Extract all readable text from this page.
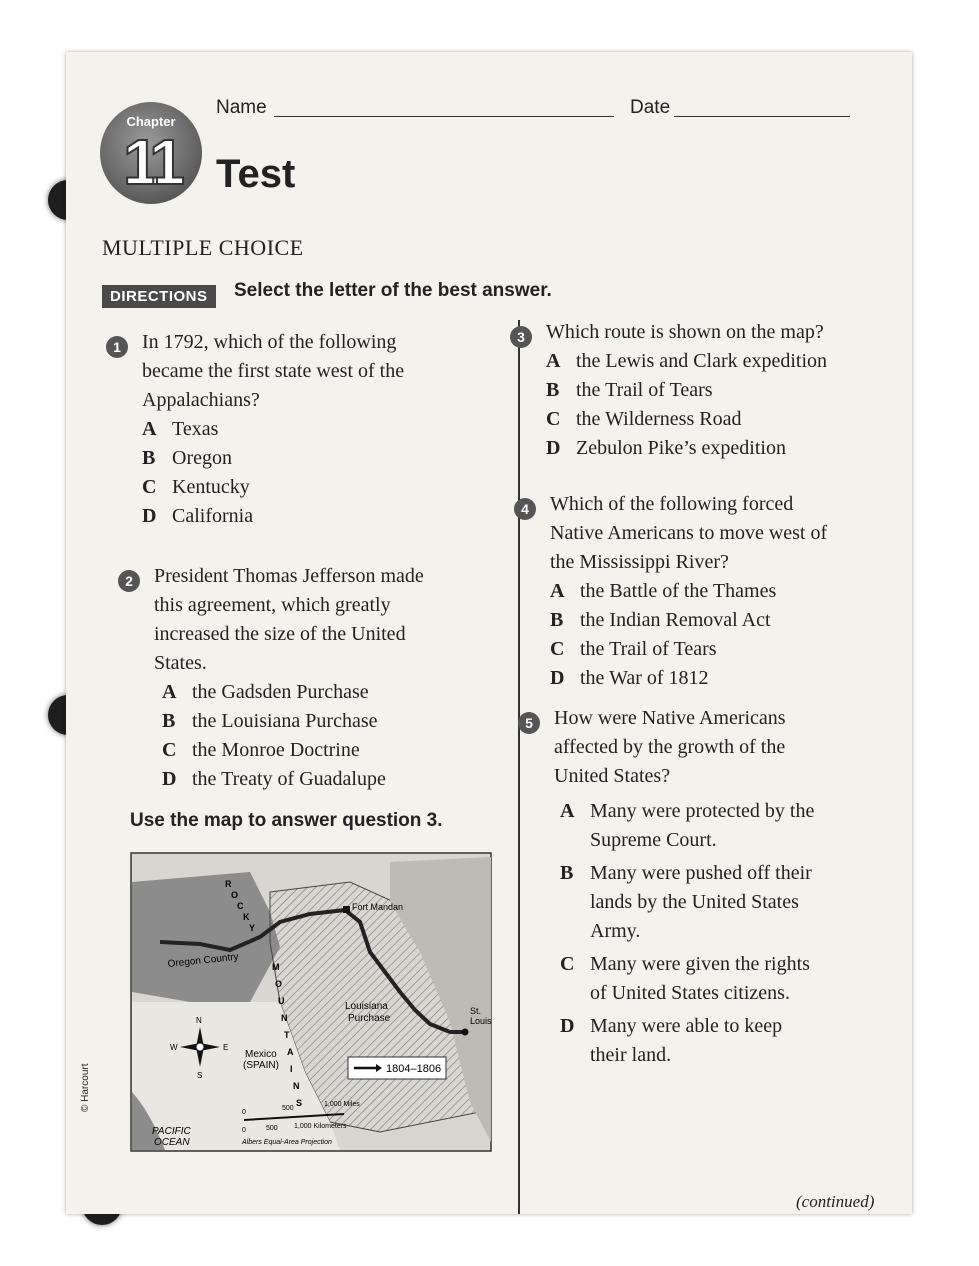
Name	Date
Chapter
11 Test
MULTIPLE CHOICE
DIRECTIONS	Select the letter of the best answer.
1	In 1792, which of the following
became the first state west of the
Appalachians?
A Texas
B Oregon
C Kentucky
D California
2	President Thomas Jefferson made
this agreement, which greatly
increased the size of the United
States.
A the Gadsden Purchase
B the Louisiana Purchase
C the Monroe Doctrine
D the Treaty of Guadalupe
Use the map to answer question 3.
Fort Mandan
Oregon Country
Louisiana
Purchase
St.
Louis
Mexico
(SPAIN)
PACIFIC
OCEAN
R
O
C
K
Y
M
O
U
N
T
A
I
N
S
N
S
E
W
1804–1806
0
500
1,000 Miles
0	500 1,000 Kilometers
Albers Equal-Area Projection
3	Which route is shown on the map?
A the Lewis and Clark expedition
B the Trail of Tears
C the Wilderness Road
D Zebulon Pike’s expedition
4	Which of the following forced
Native Americans to move west of
the Mississippi River?
A the Battle of the Thames
B the Indian Removal Act
C the Trail of Tears
D the War of 1812
5	How were Native Americans
affected by the growth of the
United States?
A Many were protected by the
Supreme Court.
B Many were pushed off their
lands by the United States
Army.
C Many were given the rights
of United States citizens.
D Many were able to keep
their land.
© Harcourt
(continued)
